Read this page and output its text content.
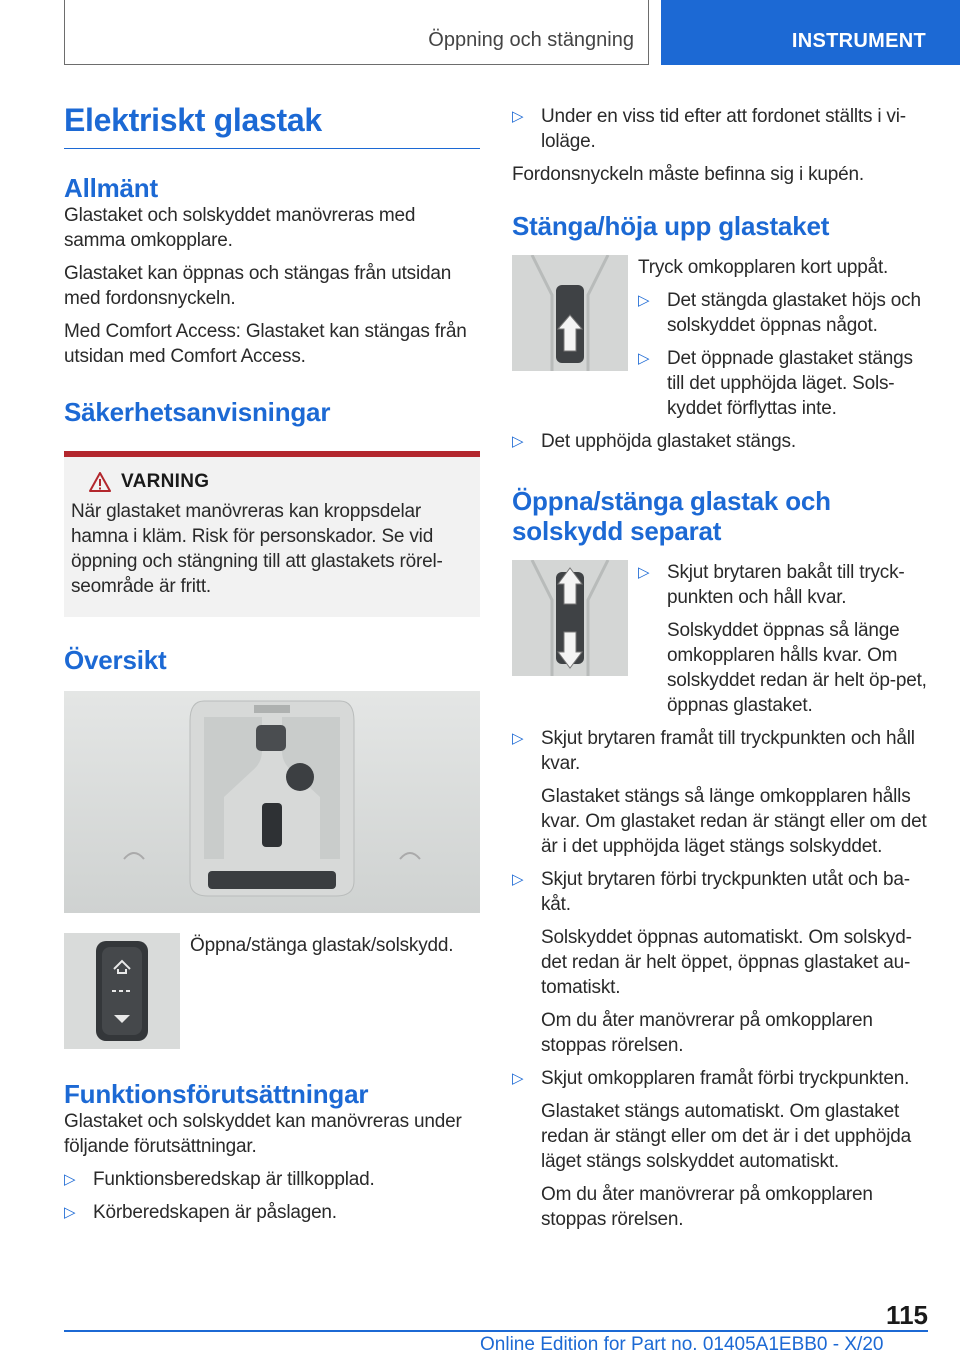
Öppning och stängning	INSTRUMENT
Elektriskt glastak
Allmänt

Glastaket och solskyddet manövreras med samma omkopplare.

Glastaket kan öppnas och stängas från utsidan med fordonsnyckeln.

Med Comfort Access: Glastaket kan stängas från utsidan med Comfort Access.

Säkerhetsanvisningar
VARNING

När glastaket manövreras kan kroppsdelar hamna i kläm. Risk för personskador. Se vid öppning och stängning till att glastakets rörel-seområde är fritt.

Översikt

Öppna/stänga glastak/solskydd.

Funktionsförutsättningar

Glastaket och solskyddet kan manövreras under följande förutsättningar.

▷ Funktionsberedskap är tillkopplad.
▷ Körberedskapen är påslagen.
▷ Under en viss tid efter att fordonet ställts i vi-loläge.

Fordonsnyckeln måste befinna sig i kupén.

Stänga/höja upp glastaket

Tryck omkopplaren kort uppåt.

▷ Det stängda glastaket höjs och solskyddet öppnas något.
▷ Det öppnade glastaket stängs till det upphöjda läget. Sols-kyddet förflyttas inte.
▷ Det upphöjda glastaket stängs.
Öppna/stänga glastak och
solskydd separat
▷ Skjut brytaren bakåt till tryck-punkten och håll kvar.
Solskyddet öppnas så länge omkopplaren hålls kvar. Om solskyddet redan är helt öp-pet, öppnas glastaket.
▷ Skjut brytaren framåt till tryckpunkten och håll kvar.
Glastaket stängs så länge omkopplaren hålls kvar. Om glastaket redan är stängt eller om det är i det upphöjda läget stängs solskyddet.
▷ Skjut brytaren förbi tryckpunkten utåt och ba-kåt.
Solskyddet öppnas automatiskt. Om solskyd-det redan är helt öppet, öppnas glastaket au-tomatiskt.
Om du åter manövrerar på omkopplaren stoppas rörelsen.
▷ Skjut omkopplaren framåt förbi tryckpunkten.
Glastaket stängs automatiskt. Om glastaket redan är stängt eller om det är i det upphöjda läget stängs solskyddet automatiskt.
Om du åter manövrerar på omkopplaren stoppas rörelsen.
115
Online Edition for Part no. 01405A1EBB0 - X/20
